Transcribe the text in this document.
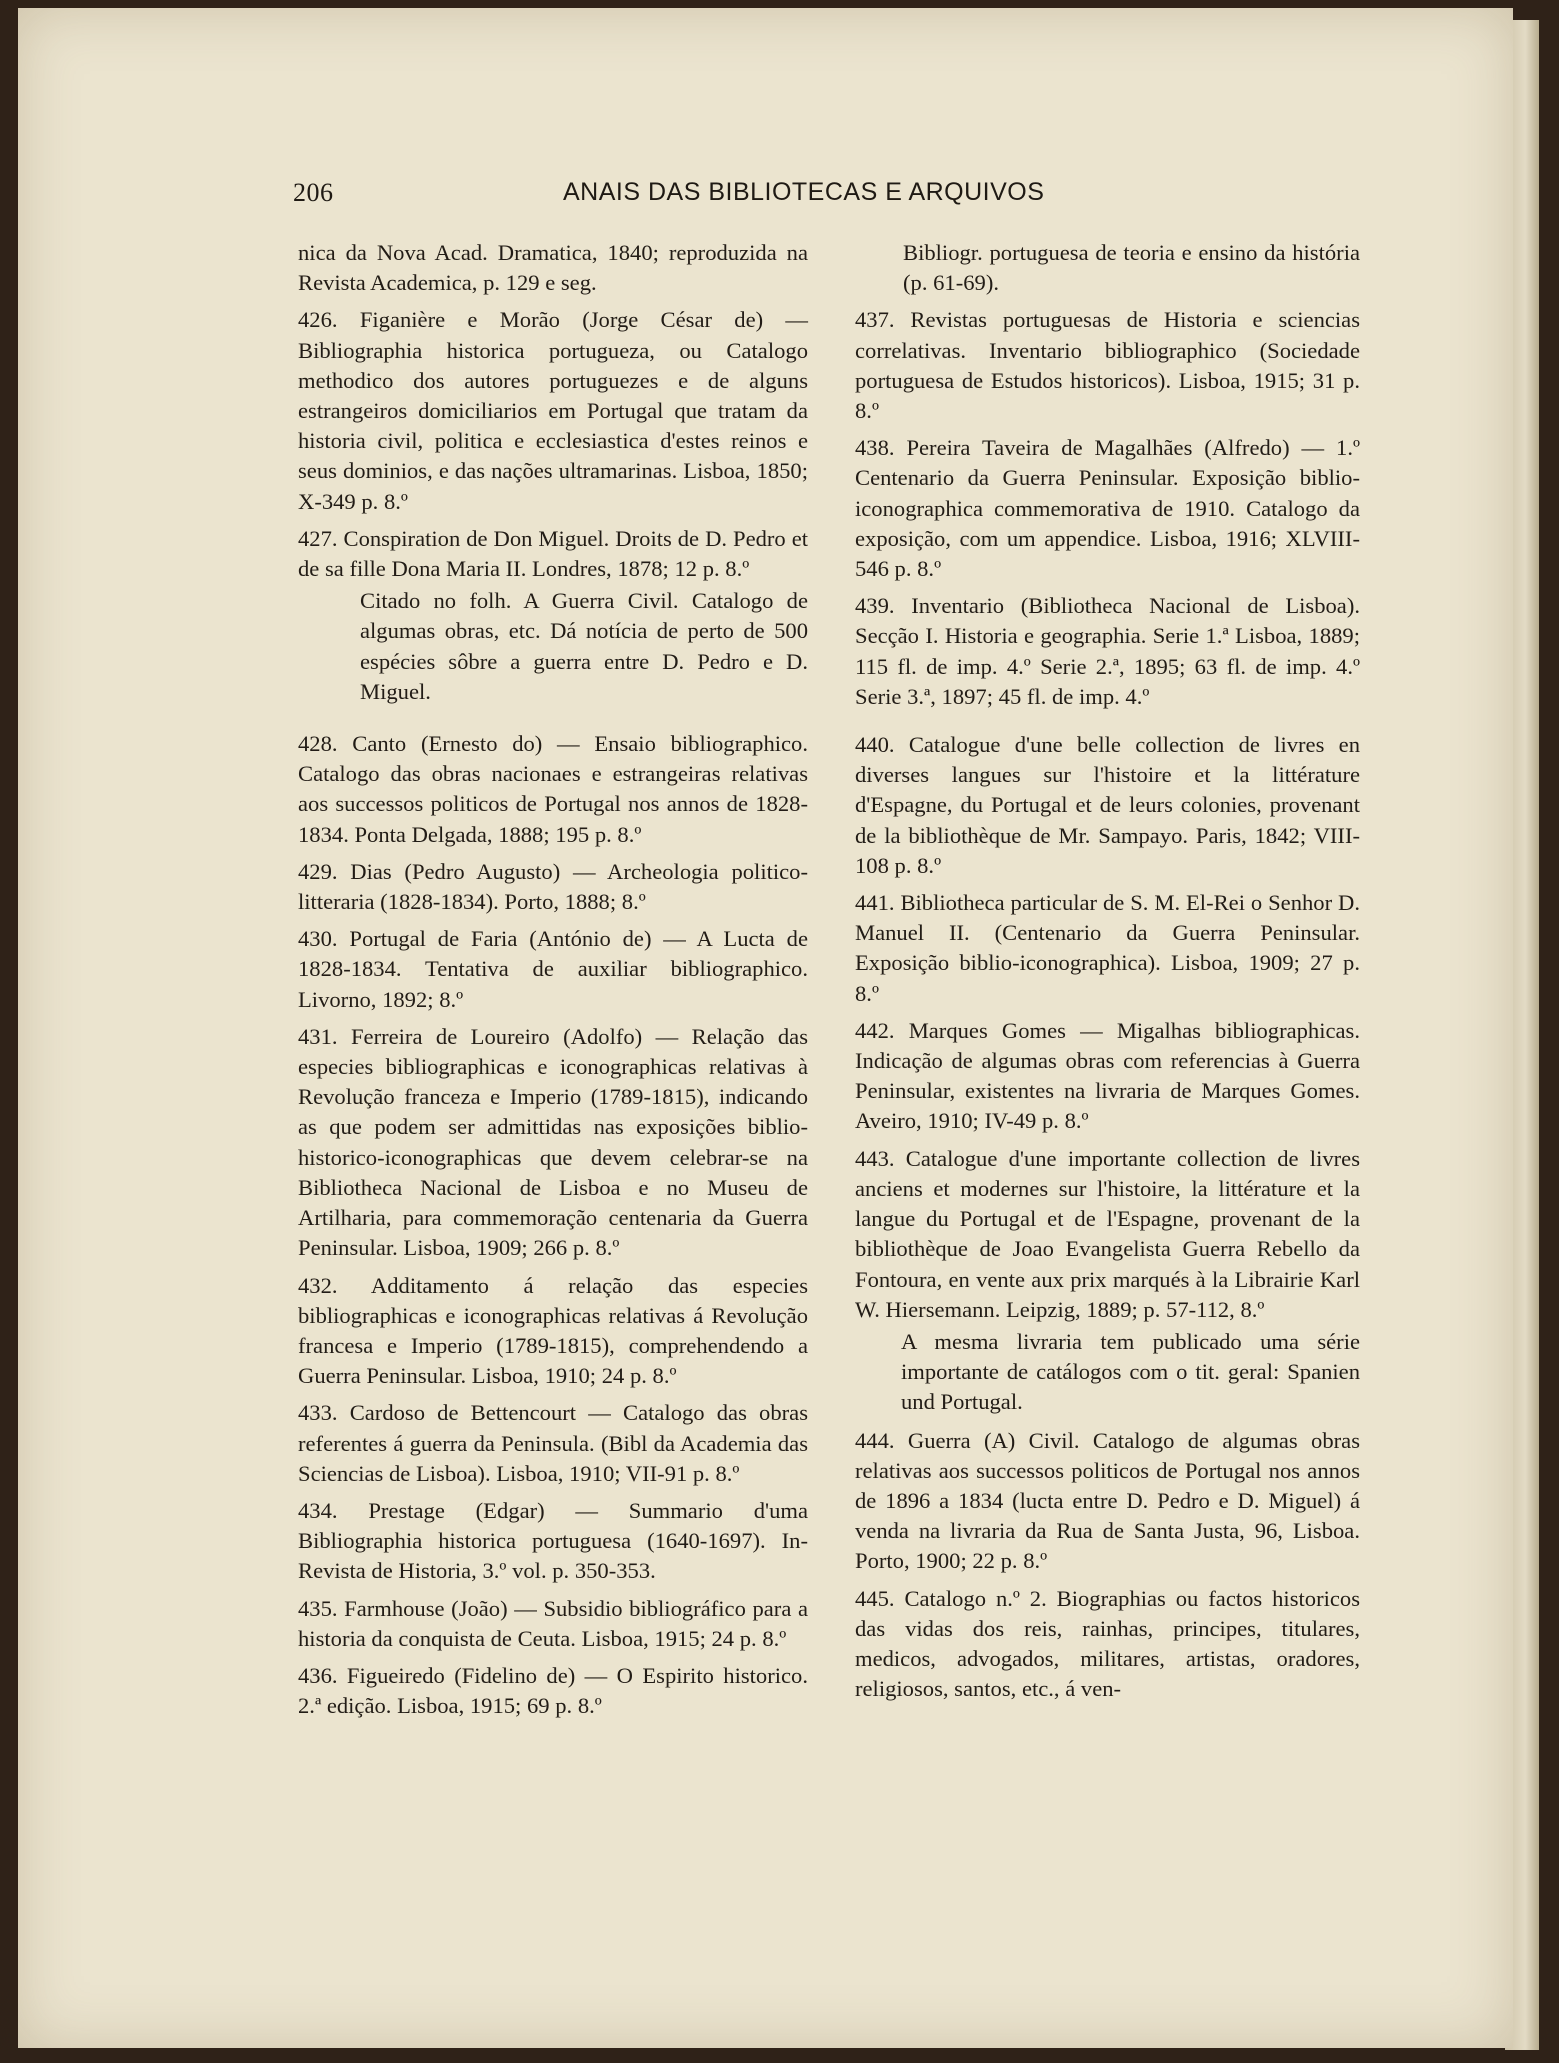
206	ANAIS DAS BIBLIOTECAS E ARQUIVOS

nica da Nova Acad. Dramatica, 1840; reproduzida na Revista Academica, p. 129 e seg.

426. Figanière e Morão (Jorge César de) — Bibliographia historica portugueza, ou Catalogo methodico dos autores portuguezes e de alguns estrangeiros domiciliarios em Portugal que tratam da historia civil, politica e ecclesiastica d'estes reinos e seus dominios, e das nações ultramarinas. Lisboa, 1850; X-349 p. 8.º

427. Conspiration de Don Miguel. Droits de D. Pedro et de sa fille Dona Maria II. Londres, 1878; 12 p. 8.º

Citado no folh. A Guerra Civil. Catalogo de algumas obras, etc. Dá notícia de perto de 500 espécies sôbre a guerra entre D. Pedro e D. Miguel.

428. Canto (Ernesto do) — Ensaio bibliographico. Catalogo das obras nacionaes e estrangeiras relativas aos successos politicos de Portugal nos annos de 1828-1834. Ponta Delgada, 1888; 195 p. 8.º

429. Dias (Pedro Augusto) — Archeologia politico-litteraria (1828-1834). Porto, 1888; 8.º

430. Portugal de Faria (António de) — A Lucta de 1828-1834. Tentativa de auxiliar bibliographico. Livorno, 1892; 8.º

431. Ferreira de Loureiro (Adolfo) — Relação das especies bibliographicas e iconographicas relativas à Revolução franceza e Imperio (1789-1815), indicando as que podem ser admittidas nas exposições biblio-historico-iconographicas que devem celebrar-se na Bibliotheca Nacional de Lisboa e no Museu de Artilharia, para commemoração centenaria da Guerra Peninsular. Lisboa, 1909; 266 p. 8.º

432. Additamento á relação das especies bibliographicas e iconographicas relativas á Revolução francesa e Imperio (1789-1815), comprehendendo a Guerra Peninsular. Lisboa, 1910; 24 p. 8.º

433. Cardoso de Bettencourt — Catalogo das obras referentes á guerra da Peninsula. (Bibl da Academia das Sciencias de Lisboa). Lisboa, 1910; VII-91 p. 8.º

434. Prestage (Edgar) — Summario d'uma Bibliographia historica portuguesa (1640-1697). In-Revista de Historia, 3.º vol. p. 350-353.

435. Farmhouse (João) — Subsidio bibliográfico para a historia da conquista de Ceuta. Lisboa, 1915; 24 p. 8.º

436. Figueiredo (Fidelino de) — O Espirito historico. 2.ª edição. Lisboa, 1915; 69 p. 8.º

Bibliogr. portuguesa de teoria e ensino da história (p. 61-69).

437. Revistas portuguesas de Historia e sciencias correlativas. Inventario bibliographico (Sociedade portuguesa de Estudos historicos). Lisboa, 1915; 31 p. 8.º

438. Pereira Taveira de Magalhães (Alfredo) — 1.º Centenario da Guerra Peninsular. Exposição biblio-iconographica commemorativa de 1910. Catalogo da exposição, com um appendice. Lisboa, 1916; XLVIII-546 p. 8.º

439. Inventario (Bibliotheca Nacional de Lisboa). Secção I. Historia e geographia. Serie 1.ª Lisboa, 1889; 115 fl. de imp. 4.º Serie 2.ª, 1895; 63 fl. de imp. 4.º Serie 3.ª, 1897; 45 fl. de imp. 4.º

440. Catalogue d'une belle collection de livres en diverses langues sur l'histoire et la littérature d'Espagne, du Portugal et de leurs colonies, provenant de la bibliothèque de Mr. Sampayo. Paris, 1842; VIII-108 p. 8.º

441. Bibliotheca particular de S. M. El-Rei o Senhor D. Manuel II. (Centenario da Guerra Peninsular. Exposição biblio-iconographica). Lisboa, 1909; 27 p. 8.º

442. Marques Gomes — Migalhas bibliographicas. Indicação de algumas obras com referencias à Guerra Peninsular, existentes na livraria de Marques Gomes. Aveiro, 1910; IV-49 p. 8.º

443. Catalogue d'une importante collection de livres anciens et modernes sur l'histoire, la littérature et la langue du Portugal et de l'Espagne, provenant de la bibliothèque de Joao Evangelista Guerra Rebello da Fontoura, en vente aux prix marqués à la Librairie Karl W. Hiersemann. Leipzig, 1889; p. 57-112, 8.º

A mesma livraria tem publicado uma série importante de catálogos com o tit. geral: Spanien und Portugal.

444. Guerra (A) Civil. Catalogo de algumas obras relativas aos successos politicos de Portugal nos annos de 1896 a 1834 (lucta entre D. Pedro e D. Miguel) á venda na livraria da Rua de Santa Justa, 96, Lisboa. Porto, 1900; 22 p. 8.º

445. Catalogo n.º 2. Biographias ou factos historicos das vidas dos reis, rainhas, principes, titulares, medicos, advogados, militares, artistas, oradores, religiosos, santos, etc., á ven-
